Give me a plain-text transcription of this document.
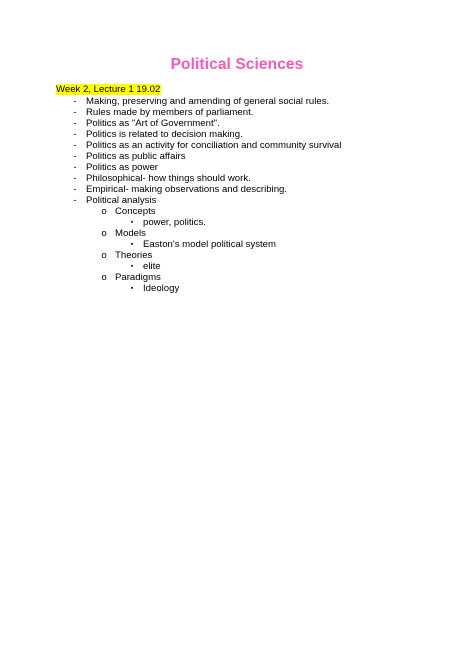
Political Sciences
Week 2, Lecture 1 19.02
- Making, preserving and amending of general social rules.
- Rules made by members of parliament.
- Politics as "Art of Government".
- Politics is related to decision making.
- Politics as an activity for conciliation and community survival
- Politics as public affairs
- Politics as power
- Philosophical- how things should work.
- Empirical- making observations and describing.
- Political analysis
o Concepts
▪	power, politics.
o Models
▪	Easton's model political system
o Theories
▪	elite
o Paradigms
▪	Ideology
